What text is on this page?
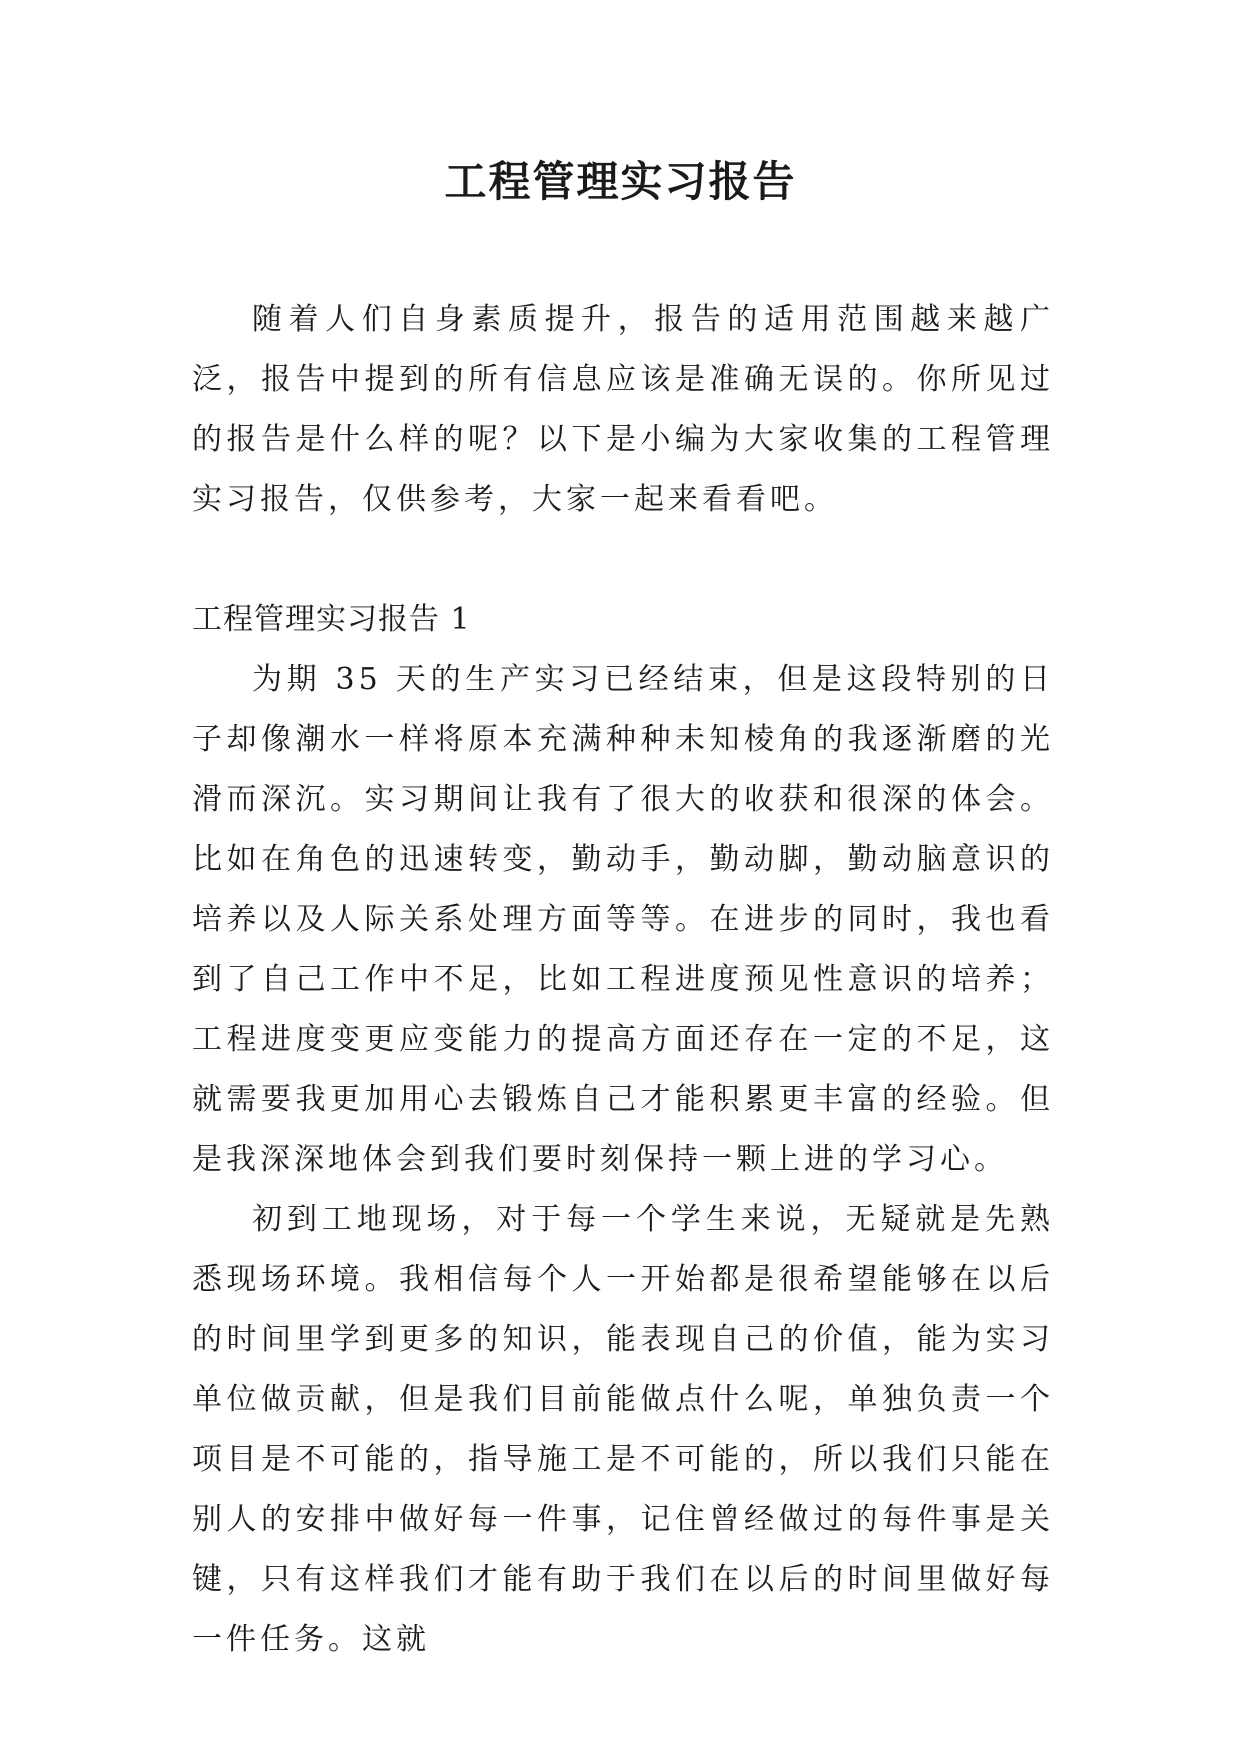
工程管理实习报告

随着人们自身素质提升，报告的适用范围越来越广泛，报告中提到的所有信息应该是准确无误的。你所见过的报告是什么样的呢？以下是小编为大家收集的工程管理实习报告，仅供参考，大家一起来看看吧。

工程管理实习报告 1

为期 35 天的生产实习已经结束，但是这段特别的日子却像潮水一样将原本充满种种未知棱角的我逐渐磨的光滑而深沉。实习期间让我有了很大的收获和很深的体会。比如在角色的迅速转变，勤动手，勤动脚，勤动脑意识的培养以及人际关系处理方面等等。在进步的同时，我也看到了自己工作中不足，比如工程进度预见性意识的培养；工程进度变更应变能力的提高方面还存在一定的不足，这就需要我更加用心去锻炼自己才能积累更丰富的经验。但是我深深地体会到我们要时刻保持一颗上进的学习心。

初到工地现场，对于每一个学生来说，无疑就是先熟悉现场环境。我相信每个人一开始都是很希望能够在以后的时间里学到更多的知识，能表现自己的价值，能为实习单位做贡献，但是我们目前能做点什么呢，单独负责一个项目是不可能的，指导施工是不可能的，所以我们只能在别人的安排中做好每一件事，记住曾经做过的每件事是关键，只有这样我们才能有助于我们在以后的时间里做好每一件任务。这就
